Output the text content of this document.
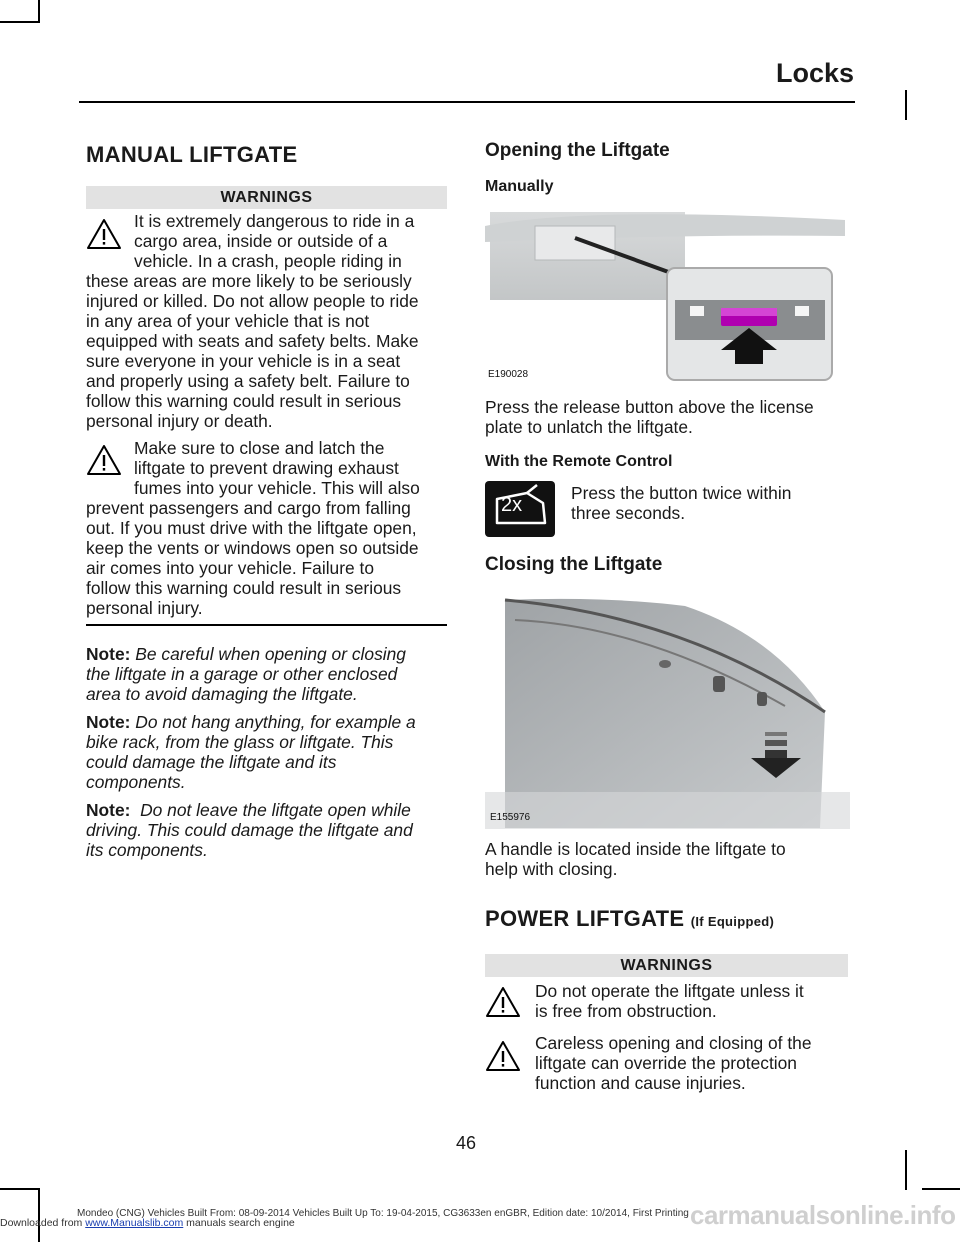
Locks
MANUAL LIFTGATE
WARNINGS
It is extremely dangerous to ride in a
cargo area, inside or outside of a
vehicle. In a crash, people riding in
these areas are more likely to be seriously
injured or killed. Do not allow people to ride
in any area of your vehicle that is not
equipped with seats and safety belts. Make
sure everyone in your vehicle is in a seat
and properly using a safety belt. Failure to
follow this warning could result in serious
personal injury or death.
Make sure to close and latch the
liftgate to prevent drawing exhaust
fumes into your vehicle. This will also
prevent passengers and cargo from falling
out. If you must drive with the liftgate open,
keep the vents or windows open so outside
air comes into your vehicle. Failure to
follow this warning could result in serious
personal injury.
Note: Be careful when opening or closing
the liftgate in a garage or other enclosed
area to avoid damaging the liftgate.
Note: Do not hang anything, for example a
bike rack, from the glass or liftgate. This
could damage the liftgate and its
components.
Note: Do not leave the liftgate open while
driving. This could damage the liftgate and
its components.
Opening the Liftgate
Manually
E190028
Press the release button above the license
plate to unlatch the liftgate.
With the Remote Control
2x
Press the button twice within
three seconds.
Closing the Liftgate
E155976
A handle is located inside the liftgate to
help with closing.
POWER LIFTGATE (If Equipped)
WARNINGS
Do not operate the liftgate unless it
is free from obstruction.
Careless opening and closing of the
liftgate can override the protection
function and cause injuries.
46
carmanualsonline.info
Downloaded from www.Manualslib.com manuals search engine
Mondeo (CNG) Vehicles Built From: 08-09-2014 Vehicles Built Up To: 19-04-2015, CG3633en enGBR, Edition date: 10/2014, First Printing
